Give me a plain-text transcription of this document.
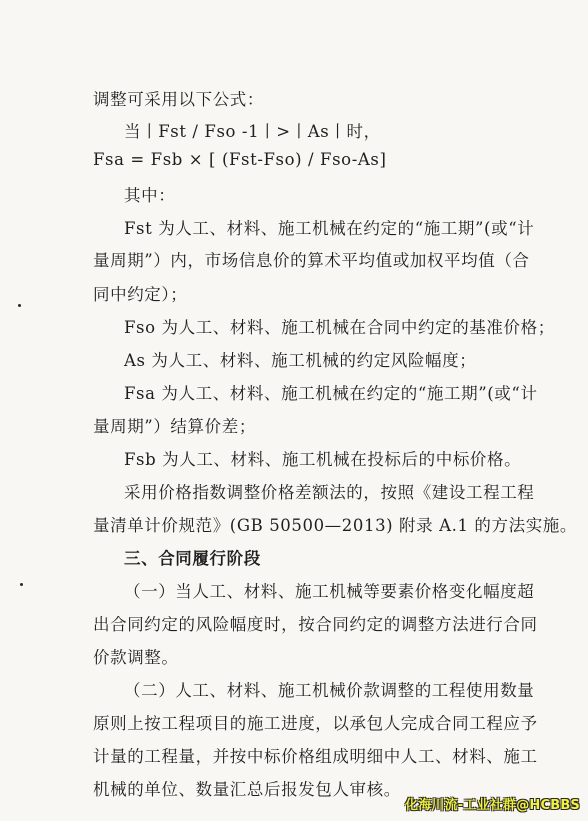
调整可采用以下公式：
当丨Fst / Fso -1丨>丨As丨时，
Fsa = Fsb × [ (Fst-Fso) / Fso-As]
其中：
Fst 为人工、材料、施工机械在约定的“施工期”(或“计
量周期”）内，市场信息价的算术平均值或加权平均值（合
同中约定）；
Fso 为人工、材料、施工机械在合同中约定的基准价格；
As 为人工、材料、施工机械的约定风险幅度；
Fsa 为人工、材料、施工机械在约定的“施工期”(或“计
量周期”）结算价差；
Fsb 为人工、材料、施工机械在投标后的中标价格。
采用价格指数调整价格差额法的，按照《建设工程工程
量清单计价规范》(GB 50500—2013) 附录 A.1 的方法实施。
三、合同履行阶段
（一）当人工、材料、施工机械等要素价格变化幅度超
出合同约定的风险幅度时，按合同约定的调整方法进行合同
价款调整。
（二）人工、材料、施工机械价款调整的工程使用数量
原则上按工程项目的施工进度，以承包人完成合同工程应予
计量的工程量，并按中标价格组成明细中人工、材料、施工
机械的单位、数量汇总后报发包人审核。
化海川流-工业社群@HCBBS
